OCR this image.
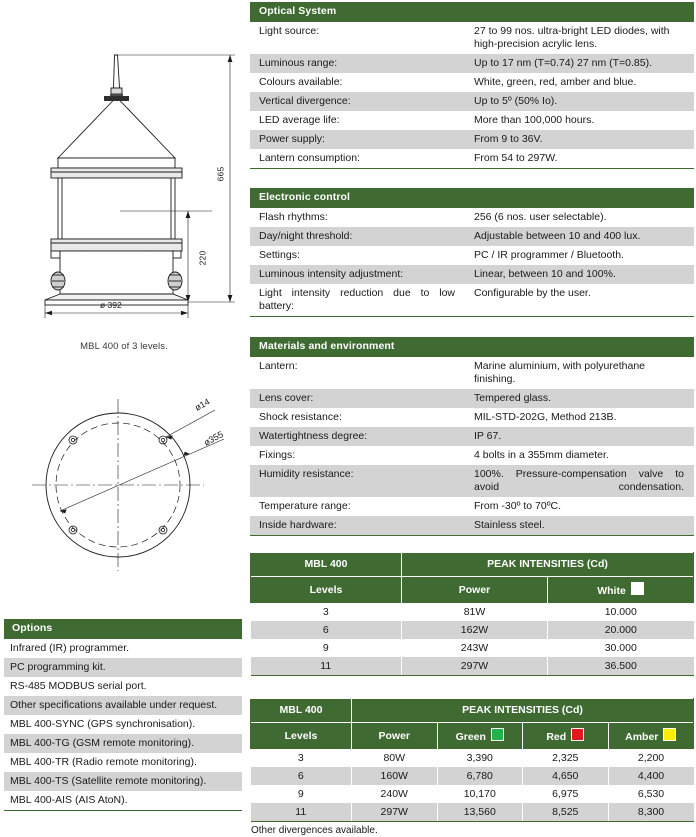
665
220
ø 392
MBL 400 of 3 levels.
ø14
ø355
Options
Infrared (IR) programmer.
PC programming kit.
RS-485 MODBUS serial port.
Other specifications available under request.
MBL 400-SYNC (GPS synchronisation).
MBL 400-TG (GSM remote monitoring).
MBL 400-TR (Radio remote monitoring).
MBL 400-TS (Satellite remote monitoring).
MBL 400-AIS (AIS AtoN).
Optical System
Light source:	27 to 99 nos. ultra-bright LED diodes, with high-precision acrylic lens.
Luminous range:	Up to 17 nm (T=0.74) 27 nm (T=0.85).
Colours available:	White, green, red, amber and blue.
Vertical divergence:	Up to 5º (50% Io).
LED average life:	More than 100,000 hours.
Power supply:	From 9 to 36V.
Lantern consumption:	From 54 to 297W.
Electronic control
Flash rhythms:	256 (6 nos. user selectable).
Day/night threshold:	Adjustable between 10 and 400 lux.
Settings:	PC / IR programmer / Bluetooth.
Luminous intensity adjustment:	Linear, between 10 and 100%.
Light intensity reduction due to low battery:	Configurable by the user.
Materials and environment
Lantern:	Marine aluminium, with polyurethane finishing.
Lens cover:	Tempered glass.
Shock resistance:	MIL-STD-202G, Method 213B.
Watertightness degree:	IP 67.
Fixings:	4 bolts in a 355mm diameter.
Humidity resistance:	100%. Pressure-compensation valve to avoid condensation.
Temperature range:	From -30º to 70ºC.
Inside hardware:	Stainless steel.
MBL 400	PEAK INTENSITIES (Cd)	
Levels	Power	White
3	81W	10.000
6	162W	20.000
9	243W	30.000
11	297W	36.500
MBL 400	PEAK INTENSITIES (Cd)			
Levels	Power	Green	Red	Amber
3	80W	3,390	2,325	2,200
6	160W	6,780	4,650	4,400
9	240W	10,170	6,975	6,530
11	297W	13,560	8,525	8,300
Other divergences available.
